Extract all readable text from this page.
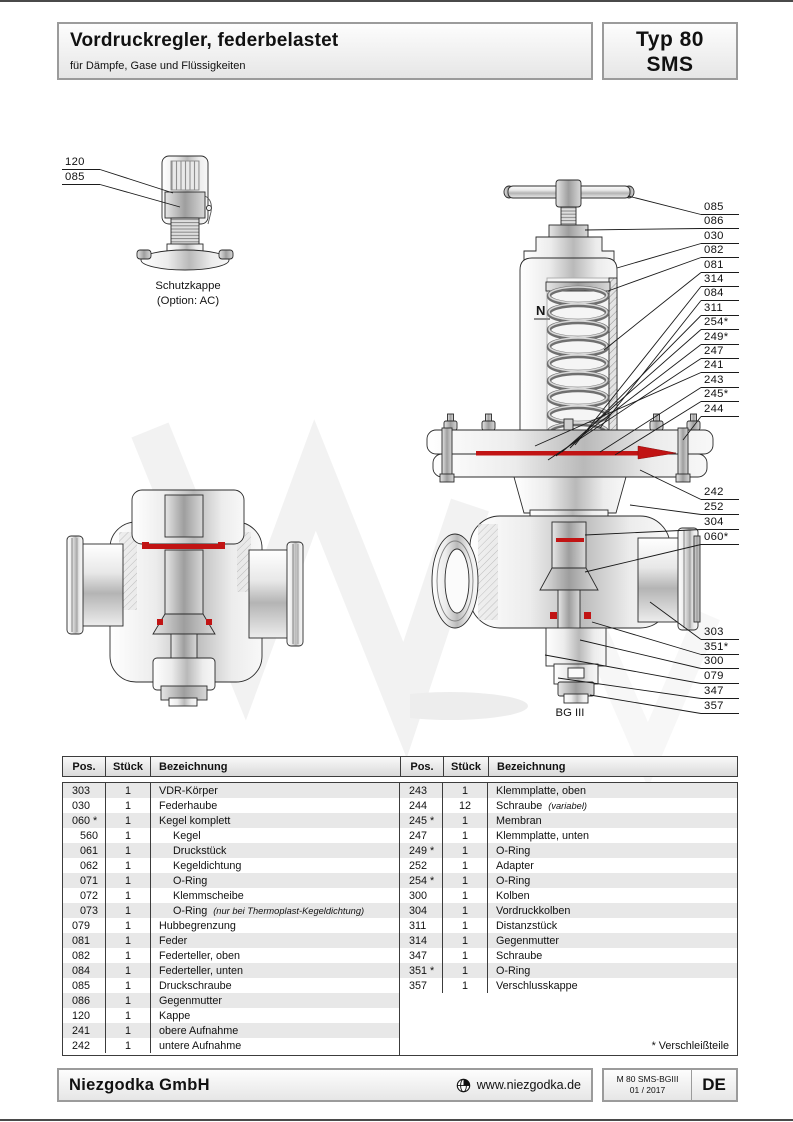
Vordruckregler, federbelastet
für Dämpfe, Gase und Flüssigkeiten
Typ 80
SMS
Schutzkappe
(Option: AC)
N
BG III
Pos.	Stück	Bezeichnung	Pos.	Stück	Bezeichnung
303	1	VDR-Körper
030	1	Federhaube
060 *	1	Kegel komplett
560	1	Kegel
061	1	Druckstück
062	1	Kegeldichtung
071	1	O-Ring
072	1	Klemmscheibe
073	1	O-Ring (nur bei Thermoplast-Kegeldichtung)
079	1	Hubbegrenzung
081	1	Feder
082	1	Federteller, oben
084	1	Federteller, unten
085	1	Druckschraube
086	1	Gegenmutter
120	1	Kappe
241	1	obere Aufnahme
242	1	untere Aufnahme
243	1	Klemmplatte, oben
244	12	Schraube (variabel)
245 *	1	Membran
247	1	Klemmplatte, unten
249 *	1	O-Ring
252	1	Adapter
254 *	1	O-Ring
300	1	Kolben
304	1	Vordruckkolben
311	1	Distanzstück
314	1	Gegenmutter
347	1	Schraube
351 *	1	O-Ring
357	1	Verschlusskappe
* Verschleißteile
Niezgodka GmbH	www.niezgodka.de	M 80 SMS-BGIII
01 / 2017	DE
085
086
030
082
081
314
084
311
254*
249*
247
241
243
245*
244
242
252
304
060*
303
351*
300
079
347
357
120
085
